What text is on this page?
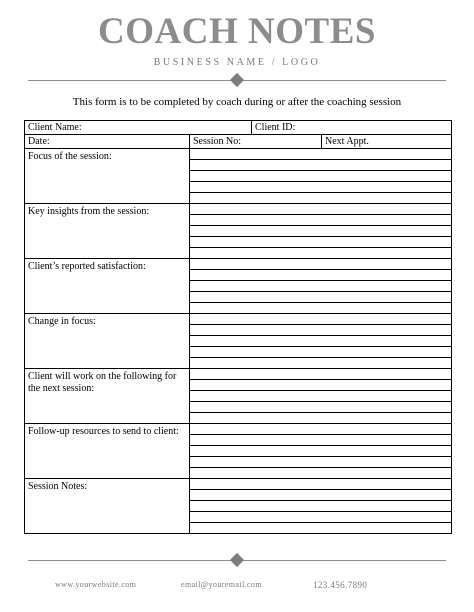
COACH NOTES
BUSINESS NAME / LOGO
This form is to be completed by coach during or after the coaching session
Client Name:	Client ID:
Date:	Session No:	Next Appt.
Focus of the session:
Key insights from the session:
Client’s reported satisfaction:
Change in focus:
Client will work on the following for the next session:
Follow-up resources to send to client:
Session Notes:
www.yourwebsite.com	email@youremail.com	123.456.7890
